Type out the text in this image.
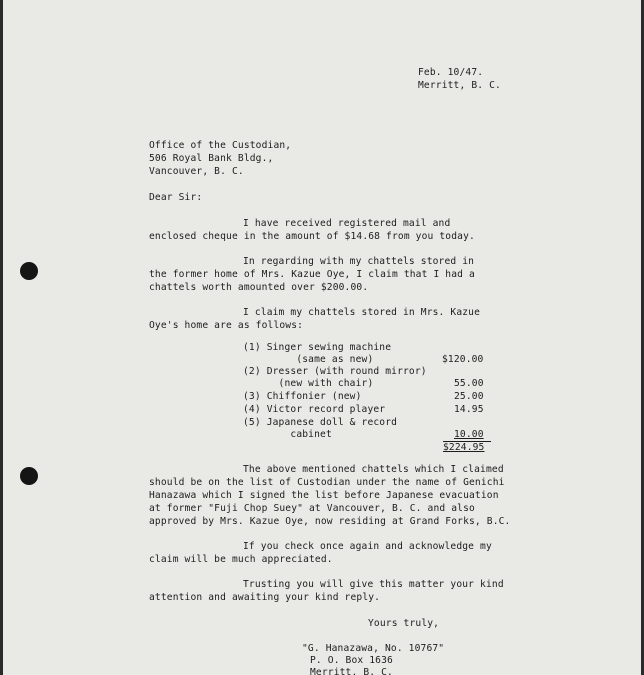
Feb. 10/47.
Merritt, B. C.
Office of the Custodian,
506 Royal Bank Bldg.,
Vancouver, B. C.
Dear Sir:
I have received registered mail and
enclosed cheque in the amount of $14.68 from you today.
In regarding with my chattels stored in
the former home of Mrs. Kazue Oye, I claim that I had a
chattels worth amounted over $200.00.
I claim my chattels stored in Mrs. Kazue
Oye's home are as follows:
(1) Singer sewing machine
(same as new)	$120.00
(2) Dresser (with round mirror)
(new with chair)	55.00
(3) Chiffonier (new)	25.00
(4) Victor record player	14.95
(5) Japanese doll & record
cabinet	10.00
$224.95
The above mentioned chattels which I claimed
should be on the list of Custodian under the name of Genichi
Hanazawa which I signed the list before Japanese evacuation
at former "Fuji Chop Suey" at Vancouver, B. C. and also
approved by Mrs. Kazue Oye, now residing at Grand Forks, B.C.
If you check once again and acknowledge my
claim will be much appreciated.
Trusting you will give this matter your kind
attention and awaiting your kind reply.
Yours truly,
"G. Hanazawa, No. 10767"
P. O. Box 1636
Merritt, B. C.
